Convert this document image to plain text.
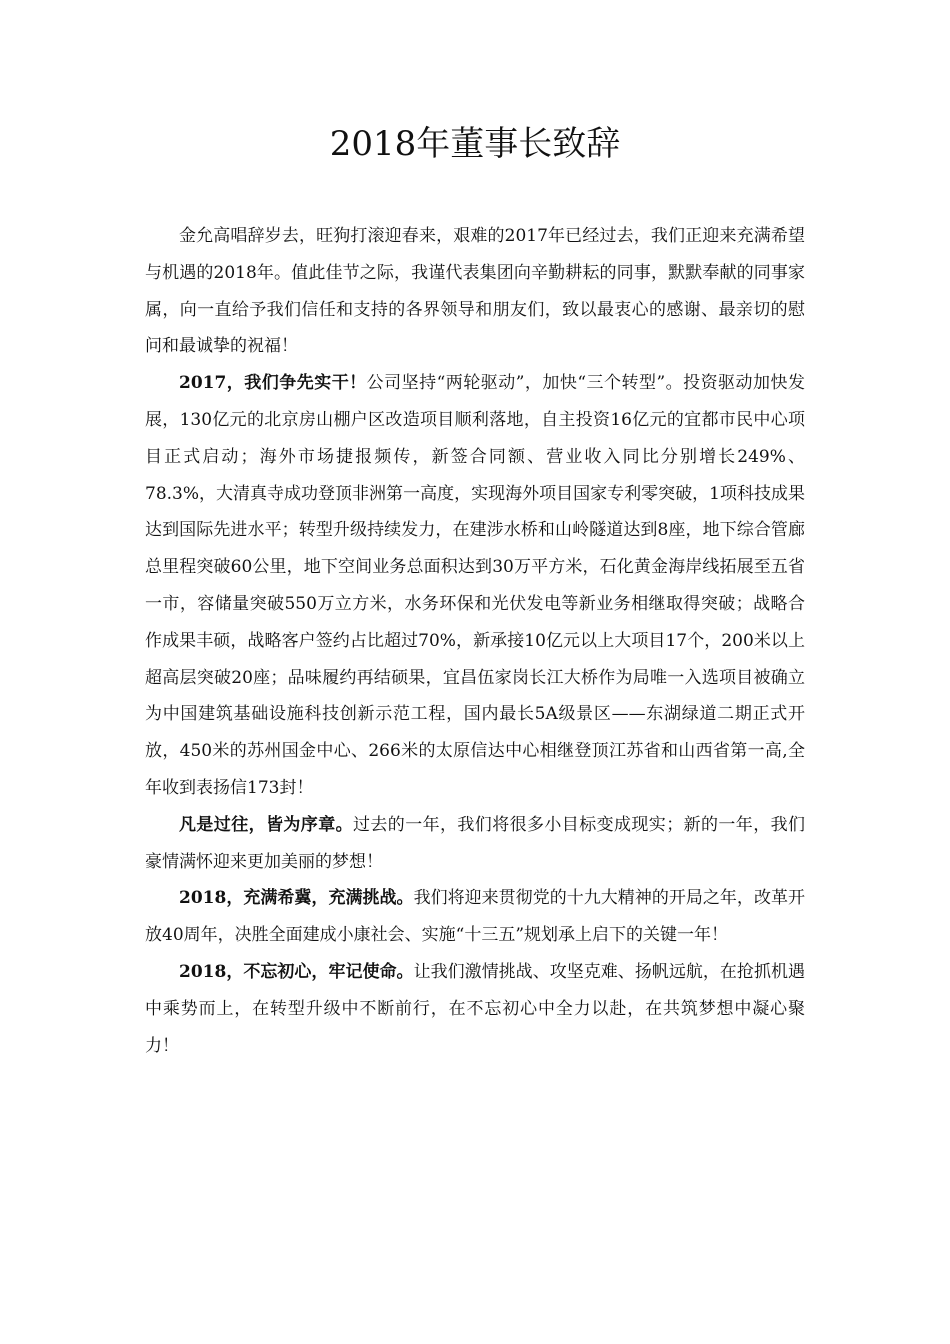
2018年董事长致辞

金允高唱辞岁去，旺狗打滚迎春来，艰难的2017年已经过去，我们正迎来充满希望与机遇的2018年。值此佳节之际，我谨代表集团向辛勤耕耘的同事，默默奉献的同事家属，向一直给予我们信任和支持的各界领导和朋友们，致以最衷心的感谢、最亲切的慰问和最诚挚的祝福！

2017，我们争先实干！公司坚持“两轮驱动”，加快“三个转型”。投资驱动加快发展，130亿元的北京房山棚户区改造项目顺利落地，自主投资16亿元的宜都市民中心项目正式启动；海外市场捷报频传，新签合同额、营业收入同比分别增长249%、78.3%，大清真寺成功登顶非洲第一高度，实现海外项目国家专利零突破，1项科技成果达到国际先进水平；转型升级持续发力，在建涉水桥和山岭隧道达到8座，地下综合管廊总里程突破60公里，地下空间业务总面积达到30万平方米，石化黄金海岸线拓展至五省一市，容储量突破550万立方米，水务环保和光伏发电等新业务相继取得突破；战略合作成果丰硕，战略客户签约占比超过70%，新承接10亿元以上大项目17个，200米以上超高层突破20座；品味履约再结硕果，宜昌伍家岗长江大桥作为局唯一入选项目被确立为中国建筑基础设施科技创新示范工程，国内最长5A级景区——东湖绿道二期正式开放，450米的苏州国金中心、266米的太原信达中心相继登顶江苏省和山西省第一高,全年收到表扬信173封！

凡是过往，皆为序章。过去的一年，我们将很多小目标变成现实；新的一年，我们豪情满怀迎来更加美丽的梦想！

2018，充满希冀，充满挑战。我们将迎来贯彻党的十九大精神的开局之年，改革开放40周年，决胜全面建成小康社会、实施“十三五”规划承上启下的关键一年！

2018，不忘初心，牢记使命。让我们激情挑战、攻坚克难、扬帆远航，在抢抓机遇中乘势而上，在转型升级中不断前行，在不忘初心中全力以赴，在共筑梦想中凝心聚力！
